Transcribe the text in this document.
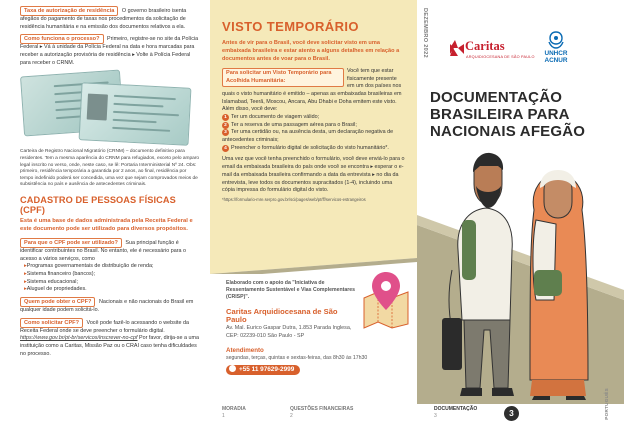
Taxa de autorização de residência O governo brasileiro isenta afegãos do pagamento de taxas nos procedimentos da solicitação de residência humanitária e na emissão dos documentos relativos a ela.
Como funciona o processo? Primeiro, registre-se no site da Polícia Federal ▸ Vá à unidade da Polícia Federal na data e hora marcadas para receber a autorização provisória de residência ▸ Volte à Polícia Federal para receber o CRNM.
Carteira de Registro Nacional Migratório (CRNM) – documento definitivo para residentes. Tem a mesma aparência do CRNM para refugiados, exceto pelo amparo legal inscrito no verso, onde, neste caso, se lê: Portaria Interministerial Nº 24. Obs: primeiro, residência temporária a garantida por 2 anos, ao final, residência por tempo indefinido poderá ser concedida, uma vez que sejam comprovados meios de subsistência no país e ausência de antecedentes criminais.
CADASTRO DE PESSOAS FÍSICAS (CPF)
Esta é uma base de dados administrada pela Receita Federal e este documento pode ser utilizado para diversos propósitos.
Para que o CPF pode ser utilizado? Sua principal função é identificar contribuintes no Brasil. No entanto, ele é necessário para o acesso a vários serviços, como
▸ Programas governamentais de distribuição de renda;
▸ Sistema financeiro (bancos);
▸ Sistema educacional;
▸ Aluguel de propriedades.
Quem pode obter o CPF? Nacionais e não nacionais do Brasil em qualquer idade podem solicitá-lo.
Como solicitar CPF? Você pode fazê-lo acessando o website da Receita Federal onde se deve preencher o formulário digital. https://www.gov.br/pt-br/servicos/inscrever-no-cpf Por favor, dirija-se a uma instituição como a Caritas, Missão Paz ou o CRAI caso tenha dificuldades no processo.
VISTO TEMPORÁRIO
Antes de vir para o Brasil, você deve solicitar visto em uma embaixada brasileira e estar atento a alguns detalhes em relação a documentos antes de voar para o Brasil.
Para solicitar um Visto Temporário para Acolhida Humanitária:
Você tem que estar fisicamente presente em um dos países nos quais o visto humanitário é emitido – apenas as embaixadas brasileiras em Islamabad, Teerã, Moscou, Ancara, Abu Dhabi e Doha emitem este visto. Além disso, você deve:
1 Ter um documento de viagem válido;
2 Ter a reserva de uma passagem aérea para o Brasil;
3 Ter uma certidão ou, na ausência desta, um declaração negativa de antecedentes criminais;
4 Preencher o formulário digital de solicitação do visto humanitário*.
Uma vez que você tenha preenchido o formulário, você deve enviá-lo para o email da embaixada brasileira do país onde você se encontra ▸ esperar o e-mail da embaixada brasileira confirmando a data da entrevista ▸ no dia da entrevista, leve todos os documentos supracitados (1-4), incluindo uma cópia impressa do formulário digital do visto.
*https://formulario-mre.serpro.gov.br/sci/pages/web/pt/ff/servicos-estrangeiros
Elaborado com o apoio da "Iniciativa de Ressentamento Sustentável e Vias Complementares (CRISP)".
Caritas Arquidiocesana de São Paulo
Av. Mal. Eurico Gaspar Dutra, 1.853 Parada Inglesa, CEP: 02239-010 São Paulo - SP
Atendimento
segundas, terças, quintas e sextas-feiras, das 8h30 às 17h30
+55 11 97629-2999
DEZEMBRO 2022	Caritas
ARQUIDIOCESANA DE SÃO PAULO	UNHCR
ACNUR
DOCUMENTAÇÃO BRASILEIRA PARA NACIONAIS AFEGÃO
PORTUGUÊS
MORADIA
1
QUESTÕES FINANCEIRAS
2
DOCUMENTAÇÃO
3	3
